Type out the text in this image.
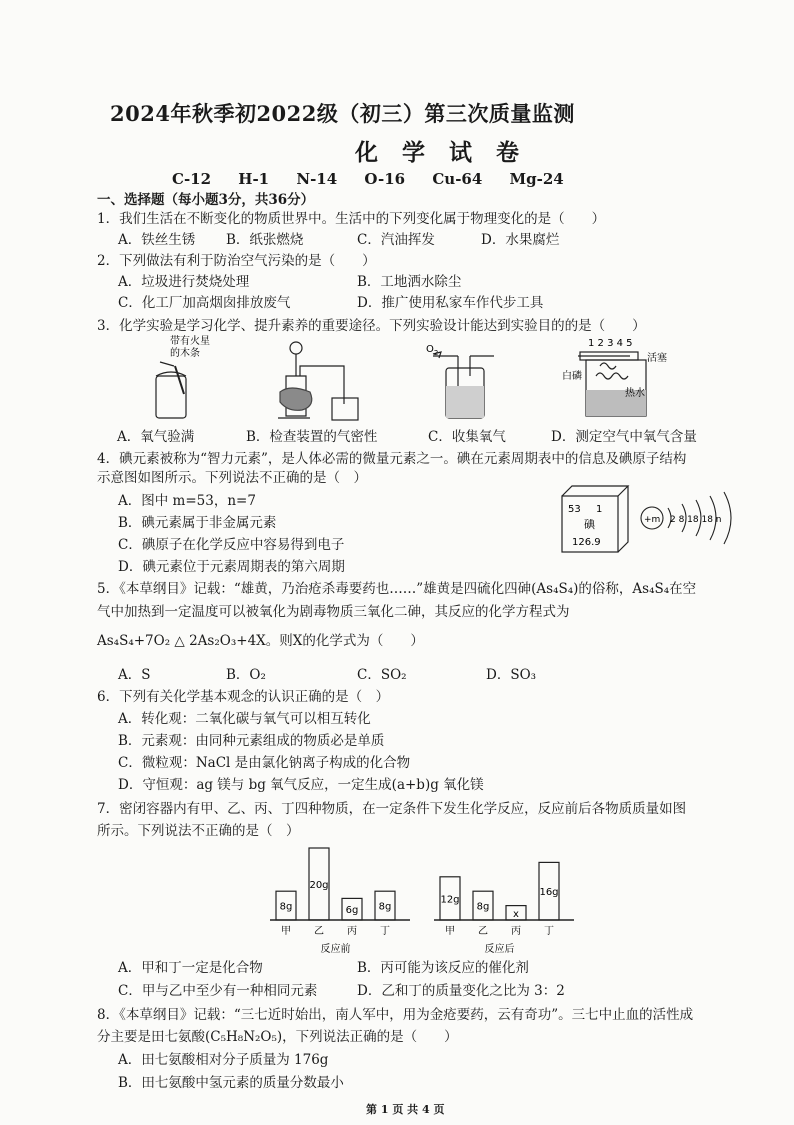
2024年秋季初2022级（初三）第三次质量监测
化 学 试 卷
C-12 H-1 N-14 O-16 Cu-64 Mg-24
一、选择题（每小题3分，共36分）
1．我们生活在不断变化的物质世界中。生活中的下列变化属于物理变化的是（　　）
A．铁丝生锈 B．纸张燃烧	C．汽油挥发	D．水果腐烂
2．下列做法有利于防治空气污染的是（　　）
A．垃圾进行焚烧处理	B．工地洒水除尘
C．化工厂加高烟囱排放废气	D．推广使用私家车作代步工具
3．化学实验是学习化学、提升素养的重要途径。下列实验设计能达到实验目的的是（　　）
带有火星
的木条	$O_2$
1 2 3 4 5
活塞
白磷
热水
A．氧气验满	B．检查装置的气密性	C．收集氧气	D．测定空气中氧气含量
4．碘元素被称为“智力元素”，是人体必需的微量元素之一。碘在元素周期表中的信息及碘原子结构
示意图如图所示。下列说法不正确的是（　）
A．图中 m=53，n=7
B．碘元素属于非金属元素
C．碘原子在化学反应中容易得到电子
D．碘元素位于元素周期表的第六周期
53 1
碘
126.9
+m 2 8 18 18 n
5．《本草纲目》记载：“雄黄，乃治疮杀毒要药也……”雄黄是四硫化四砷(As₄S₄)的俗称，As₄S₄在空
气中加热到一定温度可以被氧化为剧毒物质三氧化二砷，其反应的化学方程式为
As₄S₄+7O₂ △ 2As₂O₃+4X。则X的化学式为（　　）
A．S	B．O₂	C．SO₂	D．SO₃
6．下列有关化学基本观念的认识正确的是（　）
A．转化观：二氧化碳与氧气可以相互转化
B．元素观：由同种元素组成的物质必是单质
C．微粒观：NaCl 是由氯化钠离子构成的化合物
D．守恒观：ag 镁与 bg 氧气反应，一定生成(a+b)g 氧化镁
7．密闭容器内有甲、乙、丙、丁四种物质，在一定条件下发生化学反应，反应前后各物质质量如图
所示。下列说法不正确的是（　）
8g
甲
20g
乙
6g
丙
8g
丁
反应前
12g
甲
8g
乙
x
丙
16g
丁
反应后
A．甲和丁一定是化合物	B．丙可能为该反应的催化剂
C．甲与乙中至少有一种相同元素	D．乙和丁的质量变化之比为 3：2
8．《本草纲目》记载：“三七近时始出，南人军中，用为金疮要药，云有奇功”。三七中止血的活性成
分主要是田七氨酸(C₅H₈N₂O₅)，下列说法正确的是（　　）
A．田七氨酸相对分子质量为 176g
B．田七氨酸中氢元素的质量分数最小
第 1 页 共 4 页
